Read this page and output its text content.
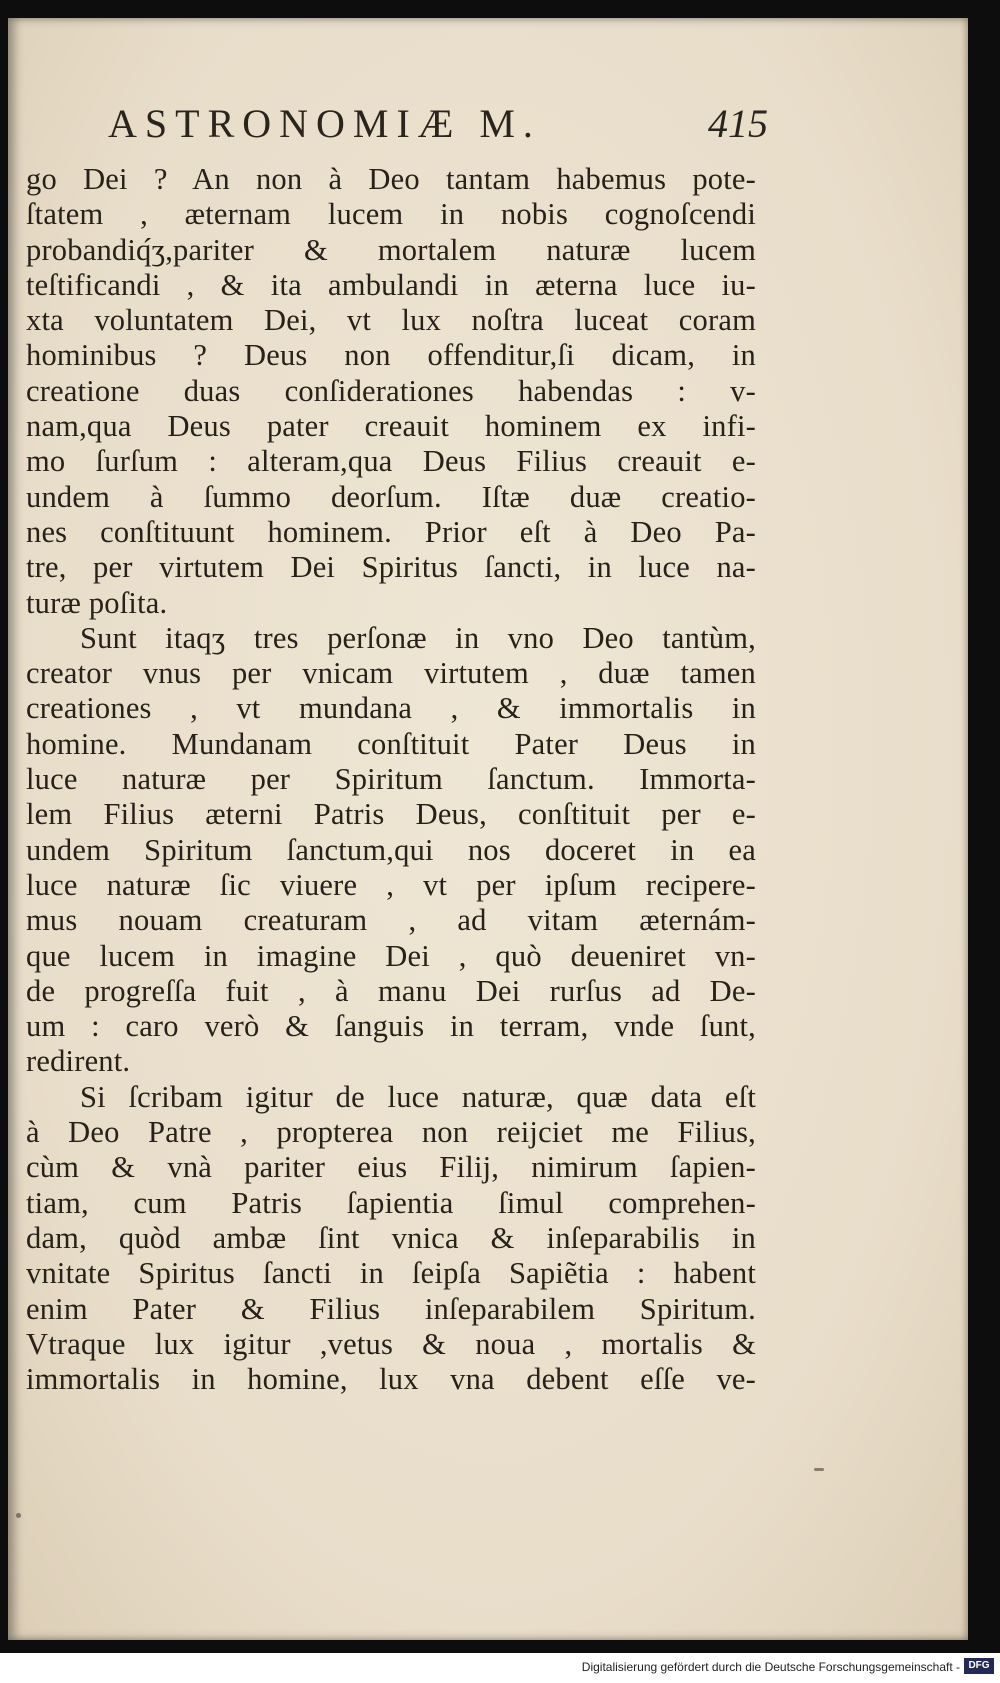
ASTRONOMIÆ M.	415
go Dei ? An non à Deo tantam habemus pote-
ſtatem , æternam lucem in nobis cognoſcendi
probandiq́ʒ,pariter & mortalem naturæ lucem
teſtificandi , & ita ambulandi in æterna luce iu-
xta voluntatem Dei, vt lux noſtra luceat coram
hominibus ? Deus non offenditur,ſi dicam, in
creatione duas conſiderationes habendas : v-
nam,qua Deus pater creauit hominem ex infi-
mo ſurſum : alteram,qua Deus Filius creauit e-
undem à ſummo deorſum. Iſtæ duæ creatio-
nes conſtituunt hominem. Prior eſt à Deo Pa-
tre, per virtutem Dei Spiritus ſancti, in luce na-
turæ poſita.
Sunt itaqʒ tres perſonæ in vno Deo tantùm,
creator vnus per vnicam virtutem , duæ tamen
creationes , vt mundana , & immortalis in
homine. Mundanam conſtituit Pater Deus in
luce naturæ per Spiritum ſanctum. Immorta-
lem Filius æterni Patris Deus, conſtituit per e-
undem Spiritum ſanctum,qui nos doceret in ea
luce naturæ ſic viuere , vt per ipſum recipere-
mus nouam creaturam , ad vitam æternám-
que lucem in imagine Dei , quò deueniret vn-
de progreſſa fuit , à manu Dei rurſus ad De-
um : caro verò & ſanguis in terram, vnde ſunt,
redirent.
Si ſcribam igitur de luce naturæ, quæ data eſt
à Deo Patre , propterea non reijciet me Filius,
cùm & vnà pariter eius Filij, nimirum ſapien-
tiam, cum Patris ſapientia ſimul comprehen-
dam, quòd ambæ ſint vnica & inſeparabilis in
vnitate Spiritus ſancti in ſeipſa Sapiẽtia : habent
enim Pater & Filius inſeparabilem Spiritum.
Vtraque lux igitur ,vetus & noua , mortalis &
immortalis in homine, lux vna debent eſſe ve-
Digitalisierung gefördert durch die Deutsche Forschungsgemeinschaft - DFG
